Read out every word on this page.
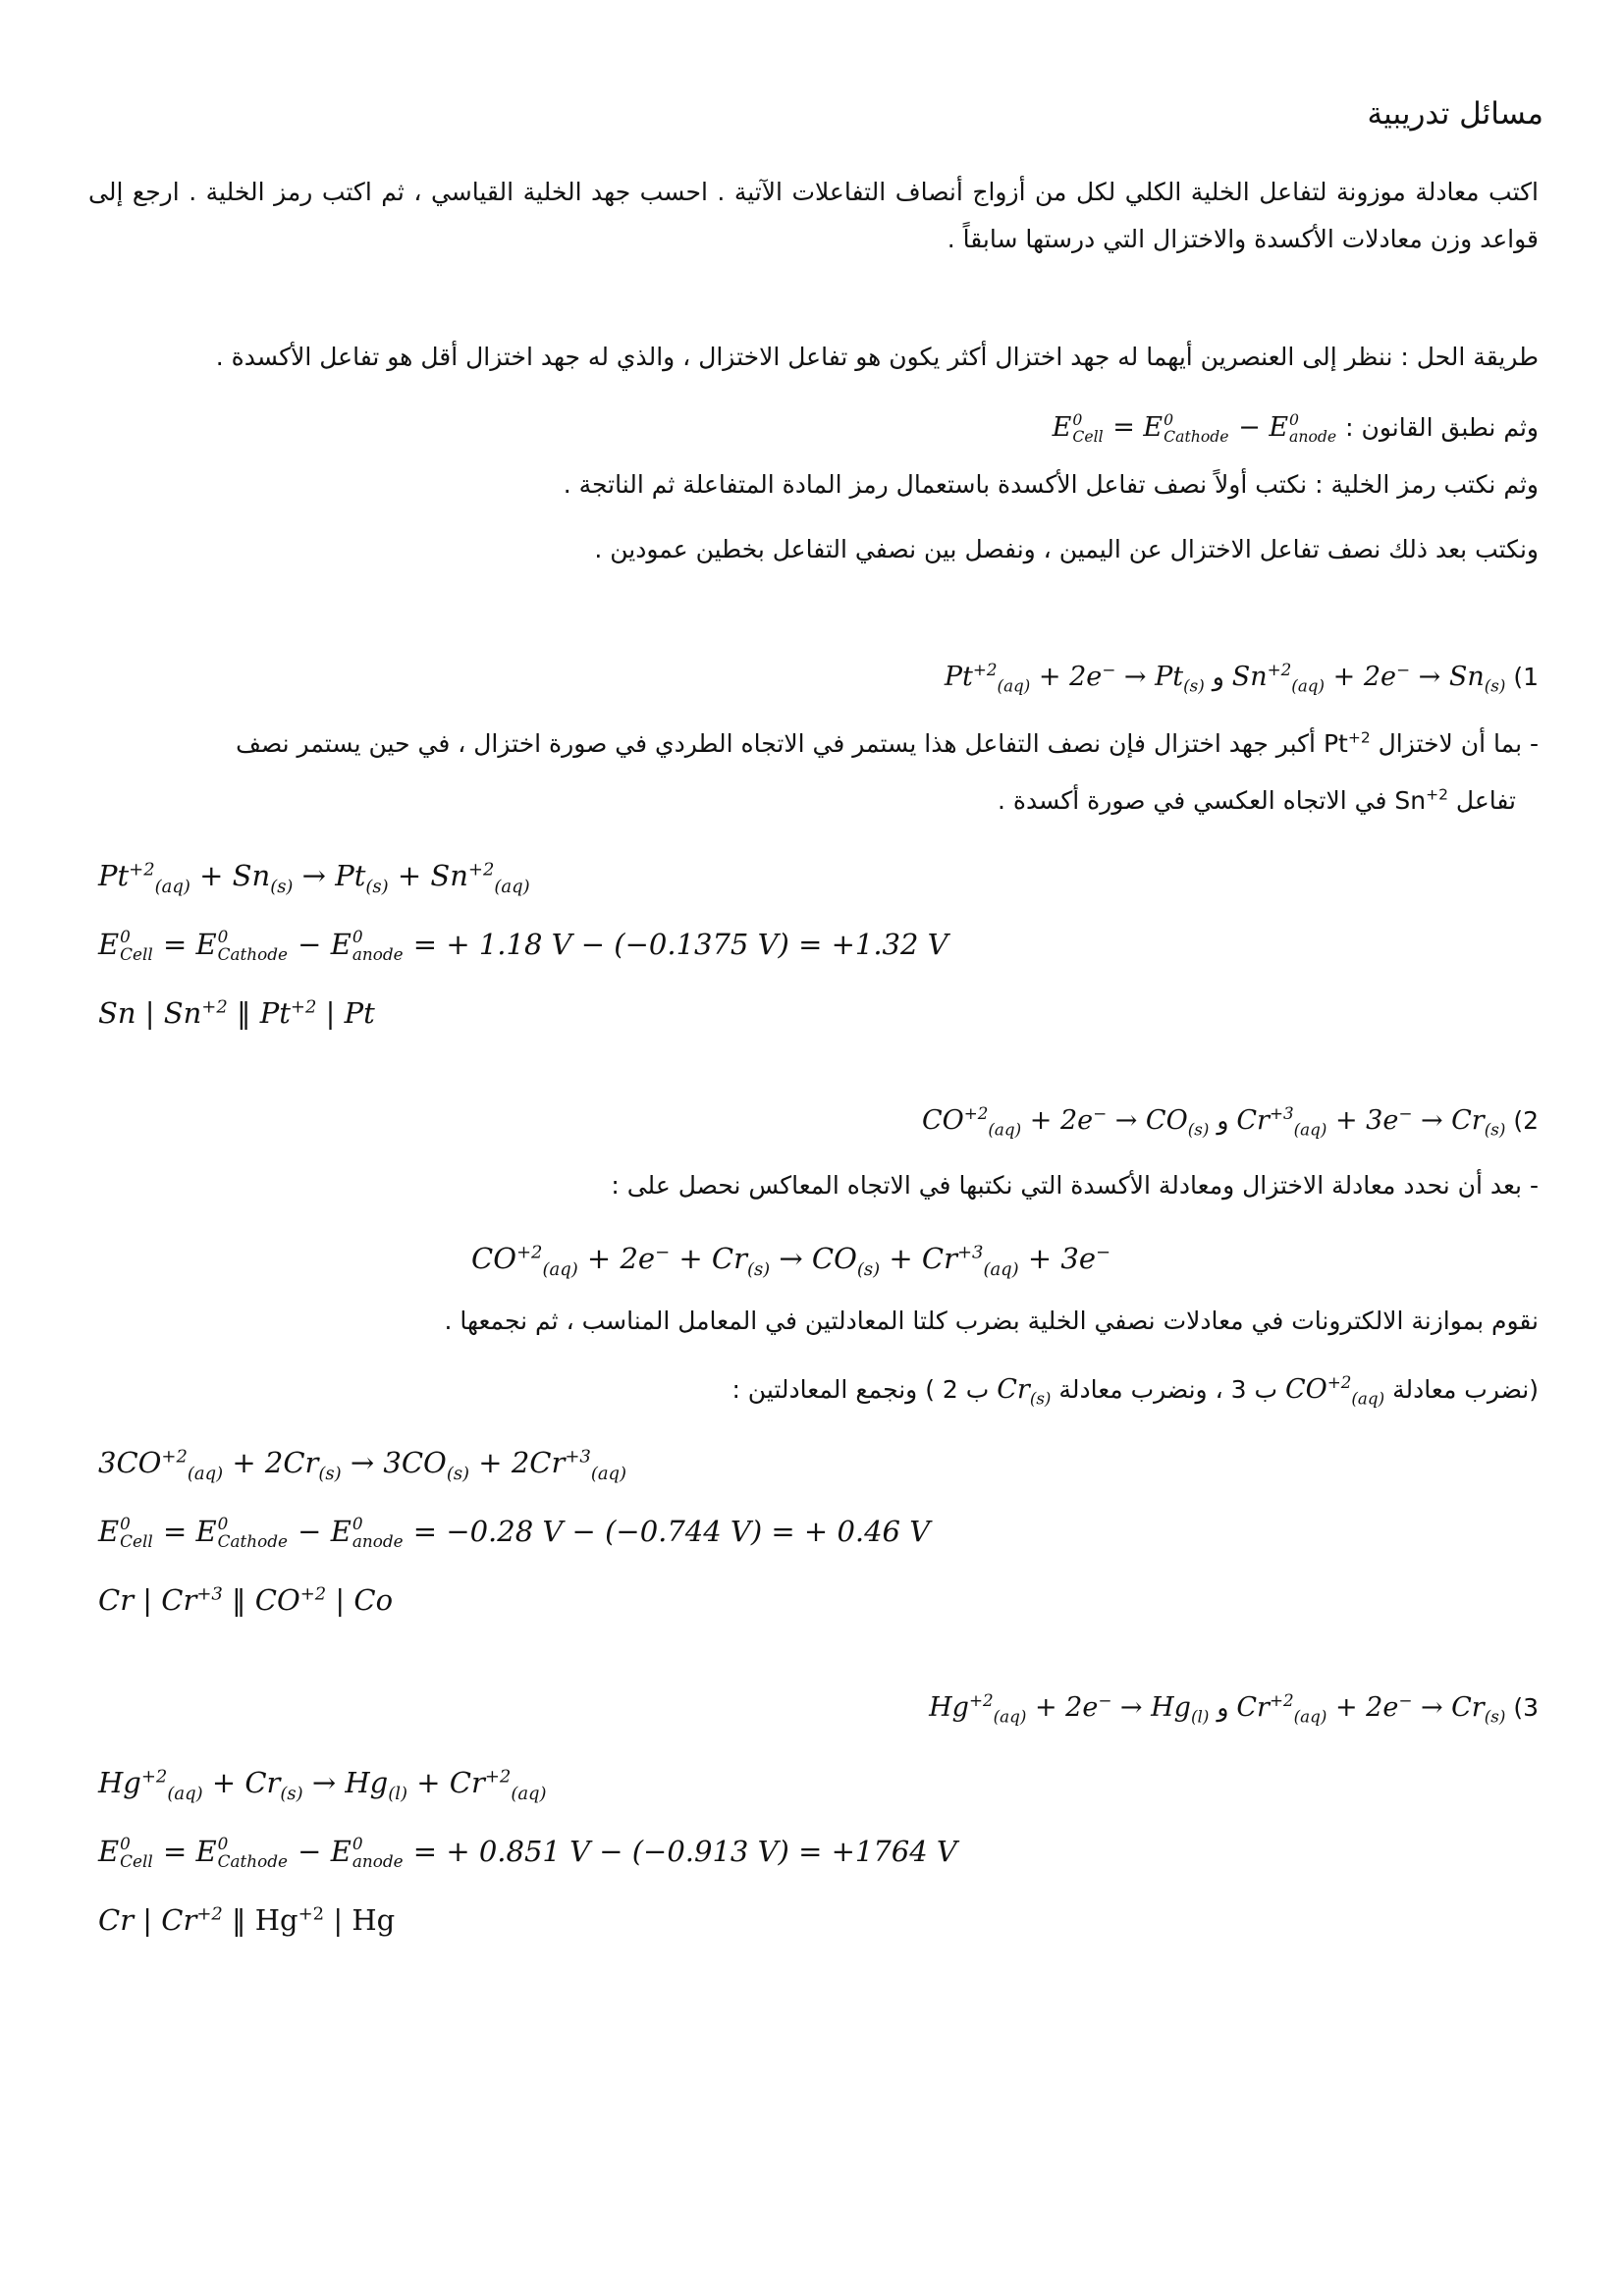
مسائل تدريبية
اكتب معادلة موزونة لتفاعل الخلية الكلي لكل من أزواج أنصاف التفاعلات الآتية . احسب جهد الخلية القياسي ، ثم اكتب رمز الخلية . ارجع إلى قواعد وزن معادلات الأكسدة والاختزال التي درستها سابقاً .
طريقة الحل : ننظر إلى العنصرين أيهما له جهد اختزال أكثر يكون هو تفاعل الاختزال ، والذي له جهد اختزال أقل هو تفاعل الأكسدة .
وثم نطبق القانون : E 0
Cell = E 0
Cathode − E 0
anode
وثم نكتب رمز الخلية : نكتب أولاً نصف تفاعل الأكسدة باستعمال رمز المادة المتفاعلة ثم الناتجة .
ونكتب بعد ذلك نصف تفاعل الاختزال عن اليمين ، ونفصل بين نصفي التفاعل بخطين عمودين .
1) $Sn^{+2}_{(aq)} + 2e^- \to Sn_{(s)}$ و $Pt^{+2}_{(aq)} + 2e^- \to Pt_{(s)}$
- بما أن لاختزال $Pt^{+2}$ أكبر جهد اختزال فإن نصف التفاعل هذا يستمر في الاتجاه الطردي في صورة اختزال ، في حين يستمر نصف
تفاعل $Sn^{+2}$ في الاتجاه العكسي في صورة أكسدة .
$Pt^{+2}_{(aq)} + Sn_{(s)} \to Pt_{(s)} + Sn^{+2}_{(aq)}$
E 0
Cell = E 0
Cathode − E 0
anode = + 1.18 V − (−0.1375 V) = +1.32 V
Sn | $Sn^{+2}$ ‖ $Pt^{+2}$ | Pt
2) $Cr^{+3}_{(aq)} + 3e^- \to Cr_{(s)}$ و $CO^{+2}_{(aq)} + 2e^- \to CO_{(s)}$
- بعد أن نحدد معادلة الاختزال ومعادلة الأكسدة التي نكتبها في الاتجاه المعاكس نحصل على :
$CO^{+2}_{(aq)} + 2e^- + Cr_{(s)} \to CO_{(s)} + Cr^{+3}_{(aq)} + 3e^-$
نقوم بموازنة الالكترونات في معادلات نصفي الخلية بضرب كلتا المعادلتين في المعامل المناسب ، ثم نجمعها .
(نضرب معادلة $CO^{+2}_{(aq)}$ ب 3 ، ونضرب معادلة $Cr_{(s)}$ ب 2 ) ونجمع المعادلتين :
$3CO^{+2}_{(aq)} + 2Cr_{(s)} \to 3CO_{(s)} + 2Cr^{+3}_{(aq)}$
E 0
Cell = E 0
Cathode − E 0
anode = −0.28 V − (−0.744 V) = + 0.46 V
Cr | $Cr^{+3}$ ‖ $CO^{+2}$ | Co
3) $Cr^{+2}_{(aq)} + 2e^- \to Cr_{(s)}$ و $Hg^{+2}_{(aq)} + 2e^- \to Hg_{(l)}$
$Hg^{+2}_{(aq)} + Cr_{(s)} \to Hg_{(l)} + Cr^{+2}_{(aq)}$
E 0
Cell = E 0
Cathode − E 0
anode = + 0.851 V − (−0.913 V) = +1764 V
Cr | $Cr^{+2}$ ‖ $Hg^{+2}$ | Hg
